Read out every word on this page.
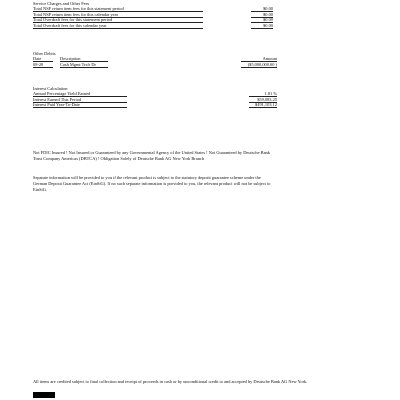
Service Charges and Other Fees
Total NSF return item fees for this statement period	$0.00
Total NSF return item fees for this calendar year	$0.00
Total Overdraft fees for this statement period	$0.00
Total Overdraft fees for this calendar year	$0.00
Other Debits
Date	Description	Amount
08-20	Cash Mgmt Trsfr Dr	($5,000,000.00 )
Interest Calculation
Annual Percentage Yield Earned	1.81 %
Interest Earned This Period	$59,083.25
Interest Paid Year-To-Date	$491,103.12
Not FDIC Insured ! Not Insured or Guaranteed by any Governmental Agency of the United States ! Not Guaranteed by Deutsche Bank Trust Company Americas (DBTCA) ! Obligation Solely of Deutsche Bank AG New York Branch
Separate information will be provided to you if the relevant product is subject to the statutory deposit guarantee scheme under the German Deposit Guarantee Act (EinSiG). If no such separate information is provided to you, the relevant product will not be subject to EinSiG.
All items are credited subject to final collection and receipt of proceeds in cash or by unconditional credit to and accepted by Deutsche Bank AG New York.
